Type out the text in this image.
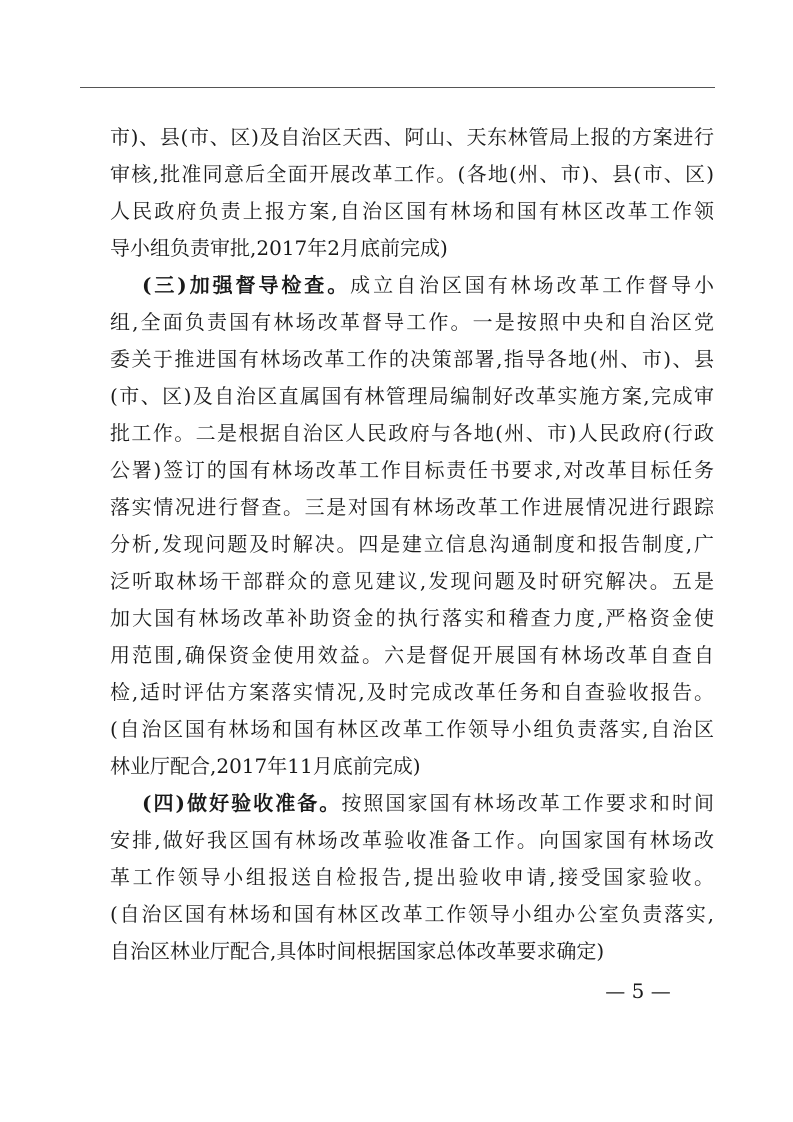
市)、县(市、区)及自治区天西、阿山、天东林管局上报的方案进行
审核,批准同意后全面开展改革工作。(各地(州、市)、县(市、区)
人民政府负责上报方案,自治区国有林场和国有林区改革工作领
导小组负责审批,2017年2月底前完成)
(三)加强督导检查。成立自治区国有林场改革工作督导小
组,全面负责国有林场改革督导工作。一是按照中央和自治区党
委关于推进国有林场改革工作的决策部署,指导各地(州、市)、县
(市、区)及自治区直属国有林管理局编制好改革实施方案,完成审
批工作。二是根据自治区人民政府与各地(州、市)人民政府(行政
公署)签订的国有林场改革工作目标责任书要求,对改革目标任务
落实情况进行督查。三是对国有林场改革工作进展情况进行跟踪
分析,发现问题及时解决。四是建立信息沟通制度和报告制度,广
泛听取林场干部群众的意见建议,发现问题及时研究解决。五是
加大国有林场改革补助资金的执行落实和稽查力度,严格资金使
用范围,确保资金使用效益。六是督促开展国有林场改革自查自
检,适时评估方案落实情况,及时完成改革任务和自查验收报告。
(自治区国有林场和国有林区改革工作领导小组负责落实,自治区
林业厅配合,2017年11月底前完成)
(四)做好验收准备。按照国家国有林场改革工作要求和时间
安排,做好我区国有林场改革验收准备工作。向国家国有林场改
革工作领导小组报送自检报告,提出验收申请,接受国家验收。
(自治区国有林场和国有林区改革工作领导小组办公室负责落实,
自治区林业厅配合,具体时间根据国家总体改革要求确定)
— 5 —
